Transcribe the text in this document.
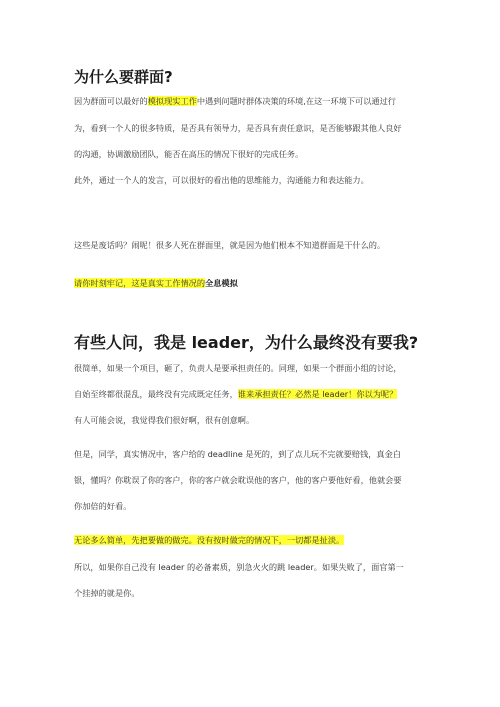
为什么要群面?
因为群面可以最好的模拟现实工作中遇到问题时群体决策的环境,在这一环境下可以通过行
为，看到一个人的很多特质，是否具有领导力，是否具有责任意识，是否能够跟其他人良好
的沟通，协调激励团队，能否在高压的情况下很好的完成任务。
此外，通过一个人的发言，可以很好的看出他的思维能力，沟通能力和表达能力。
这些是废话吗？闹呢！很多人死在群面里，就是因为他们根本不知道群面是干什么的。
请你时刻牢记，这是真实工作情况的全息模拟
有些人问，我是 leader，为什么最终没有要我?
很简单，如果一个项目，砸了，负责人是要承担责任的。同理，如果一个群面小组的讨论，
自始至终都很混乱，最终没有完成既定任务，谁来承担责任？必然是 leader！你以为呢？
有人可能会说，我觉得我们很好啊，很有创意啊。
但是，同学，真实情况中，客户给的 deadline 是死的，到了点儿玩不完就要赔钱，真金白
银，懂吗？你耽误了你的客户，你的客户就会耽误他的客户，他的客户要他好看，他就会要
你加倍的好看。
无论多么简单，先把要做的做完。没有按时做完的情况下，一切都是扯淡。
所以，如果你自己没有 leader 的必备素质，别急火火的跳 leader。如果失败了，面官第一
个挂掉的就是你。
